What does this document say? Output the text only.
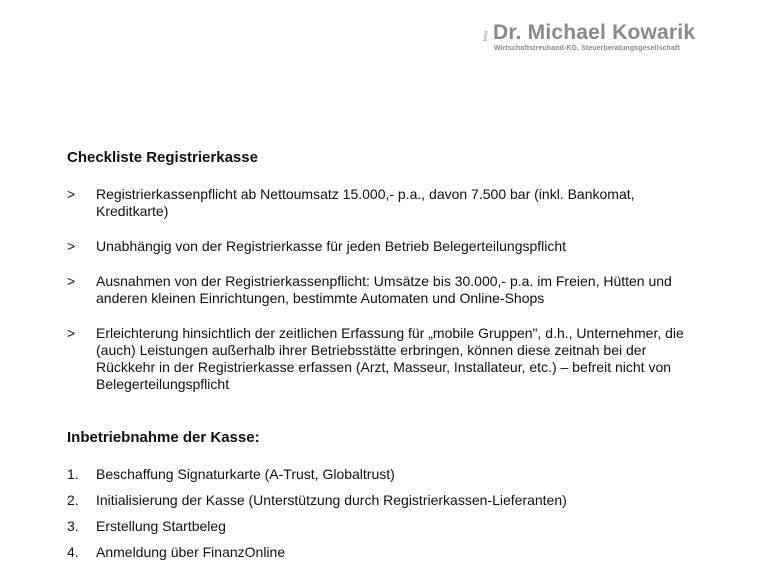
Mag. Dr. Michael Kowarik
Wirtschaftstreuhand-KG, Steuerberatungsgesellschaft
Checkliste Registrierkasse
>	Registrierkassenpflicht ab Nettoumsatz 15.000,- p.a., davon 7.500 bar (inkl. Bankomat, Kreditkarte)
>	Unabhängig von der Registrierkasse für jeden Betrieb Belegerteilungspflicht
>	Ausnahmen von der Registrierkassenpflicht: Umsätze bis 30.000,- p.a. im Freien, Hütten und anderen kleinen Einrichtungen, bestimmte Automaten und Online-Shops
>	Erleichterung hinsichtlich der zeitlichen Erfassung für „mobile Gruppen", d.h., Unternehmer, die (auch) Leistungen außerhalb ihrer Betriebsstätte erbringen, können diese zeitnah bei der Rückkehr in der Registrierkasse erfassen (Arzt, Masseur, Installateur, etc.) – befreit nicht von Belegerteilungspflicht
Inbetriebnahme der Kasse:
1.	Beschaffung Signaturkarte (A-Trust, Globaltrust)
2.	Initialisierung der Kasse (Unterstützung durch Registrierkassen-Lieferanten)
3.	Erstellung Startbeleg
4.	Anmeldung über FinanzOnline
